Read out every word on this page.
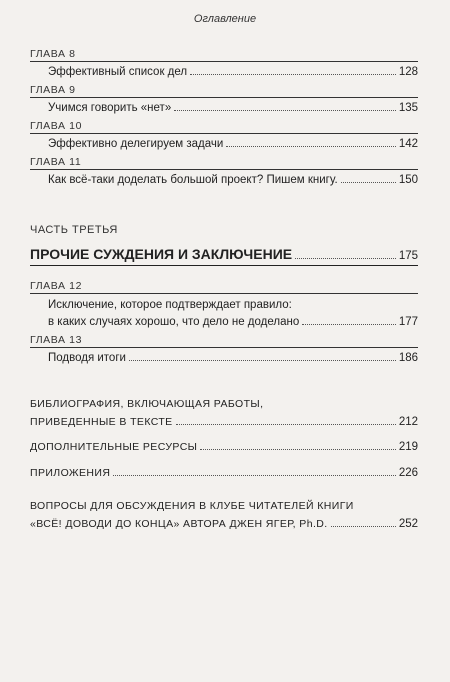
Оглавление
ГЛАВА 8
Эффективный список дел	128
ГЛАВА 9
Учимся говорить «нет»	135
ГЛАВА 10
Эффективно делегируем задачи	142
ГЛАВА 11
Как всё-таки доделать большой проект? Пишем книгу.	150
ЧАСТЬ ТРЕТЬЯ
ПРОЧИЕ СУЖДЕНИЯ И ЗАКЛЮЧЕНИЕ	175
ГЛАВА 12
Исключение, которое подтверждает правило:
в каких случаях хорошо, что дело не доделано	177
ГЛАВА 13
Подводя итоги	186
БИБЛИОГРАФИЯ, ВКЛЮЧАЮЩАЯ РАБОТЫ,
ПРИВЕДЕННЫЕ В ТЕКСТЕ	212
ДОПОЛНИТЕЛЬНЫЕ РЕСУРСЫ	219
ПРИЛОЖЕНИЯ	226
ВОПРОСЫ ДЛЯ ОБСУЖДЕНИЯ В КЛУБЕ ЧИТАТЕЛЕЙ КНИГИ
«ВСЁ! ДОВОДИ ДО КОНЦА» АВТОРА ДЖЕН ЯГЕР, Ph.D.	252
